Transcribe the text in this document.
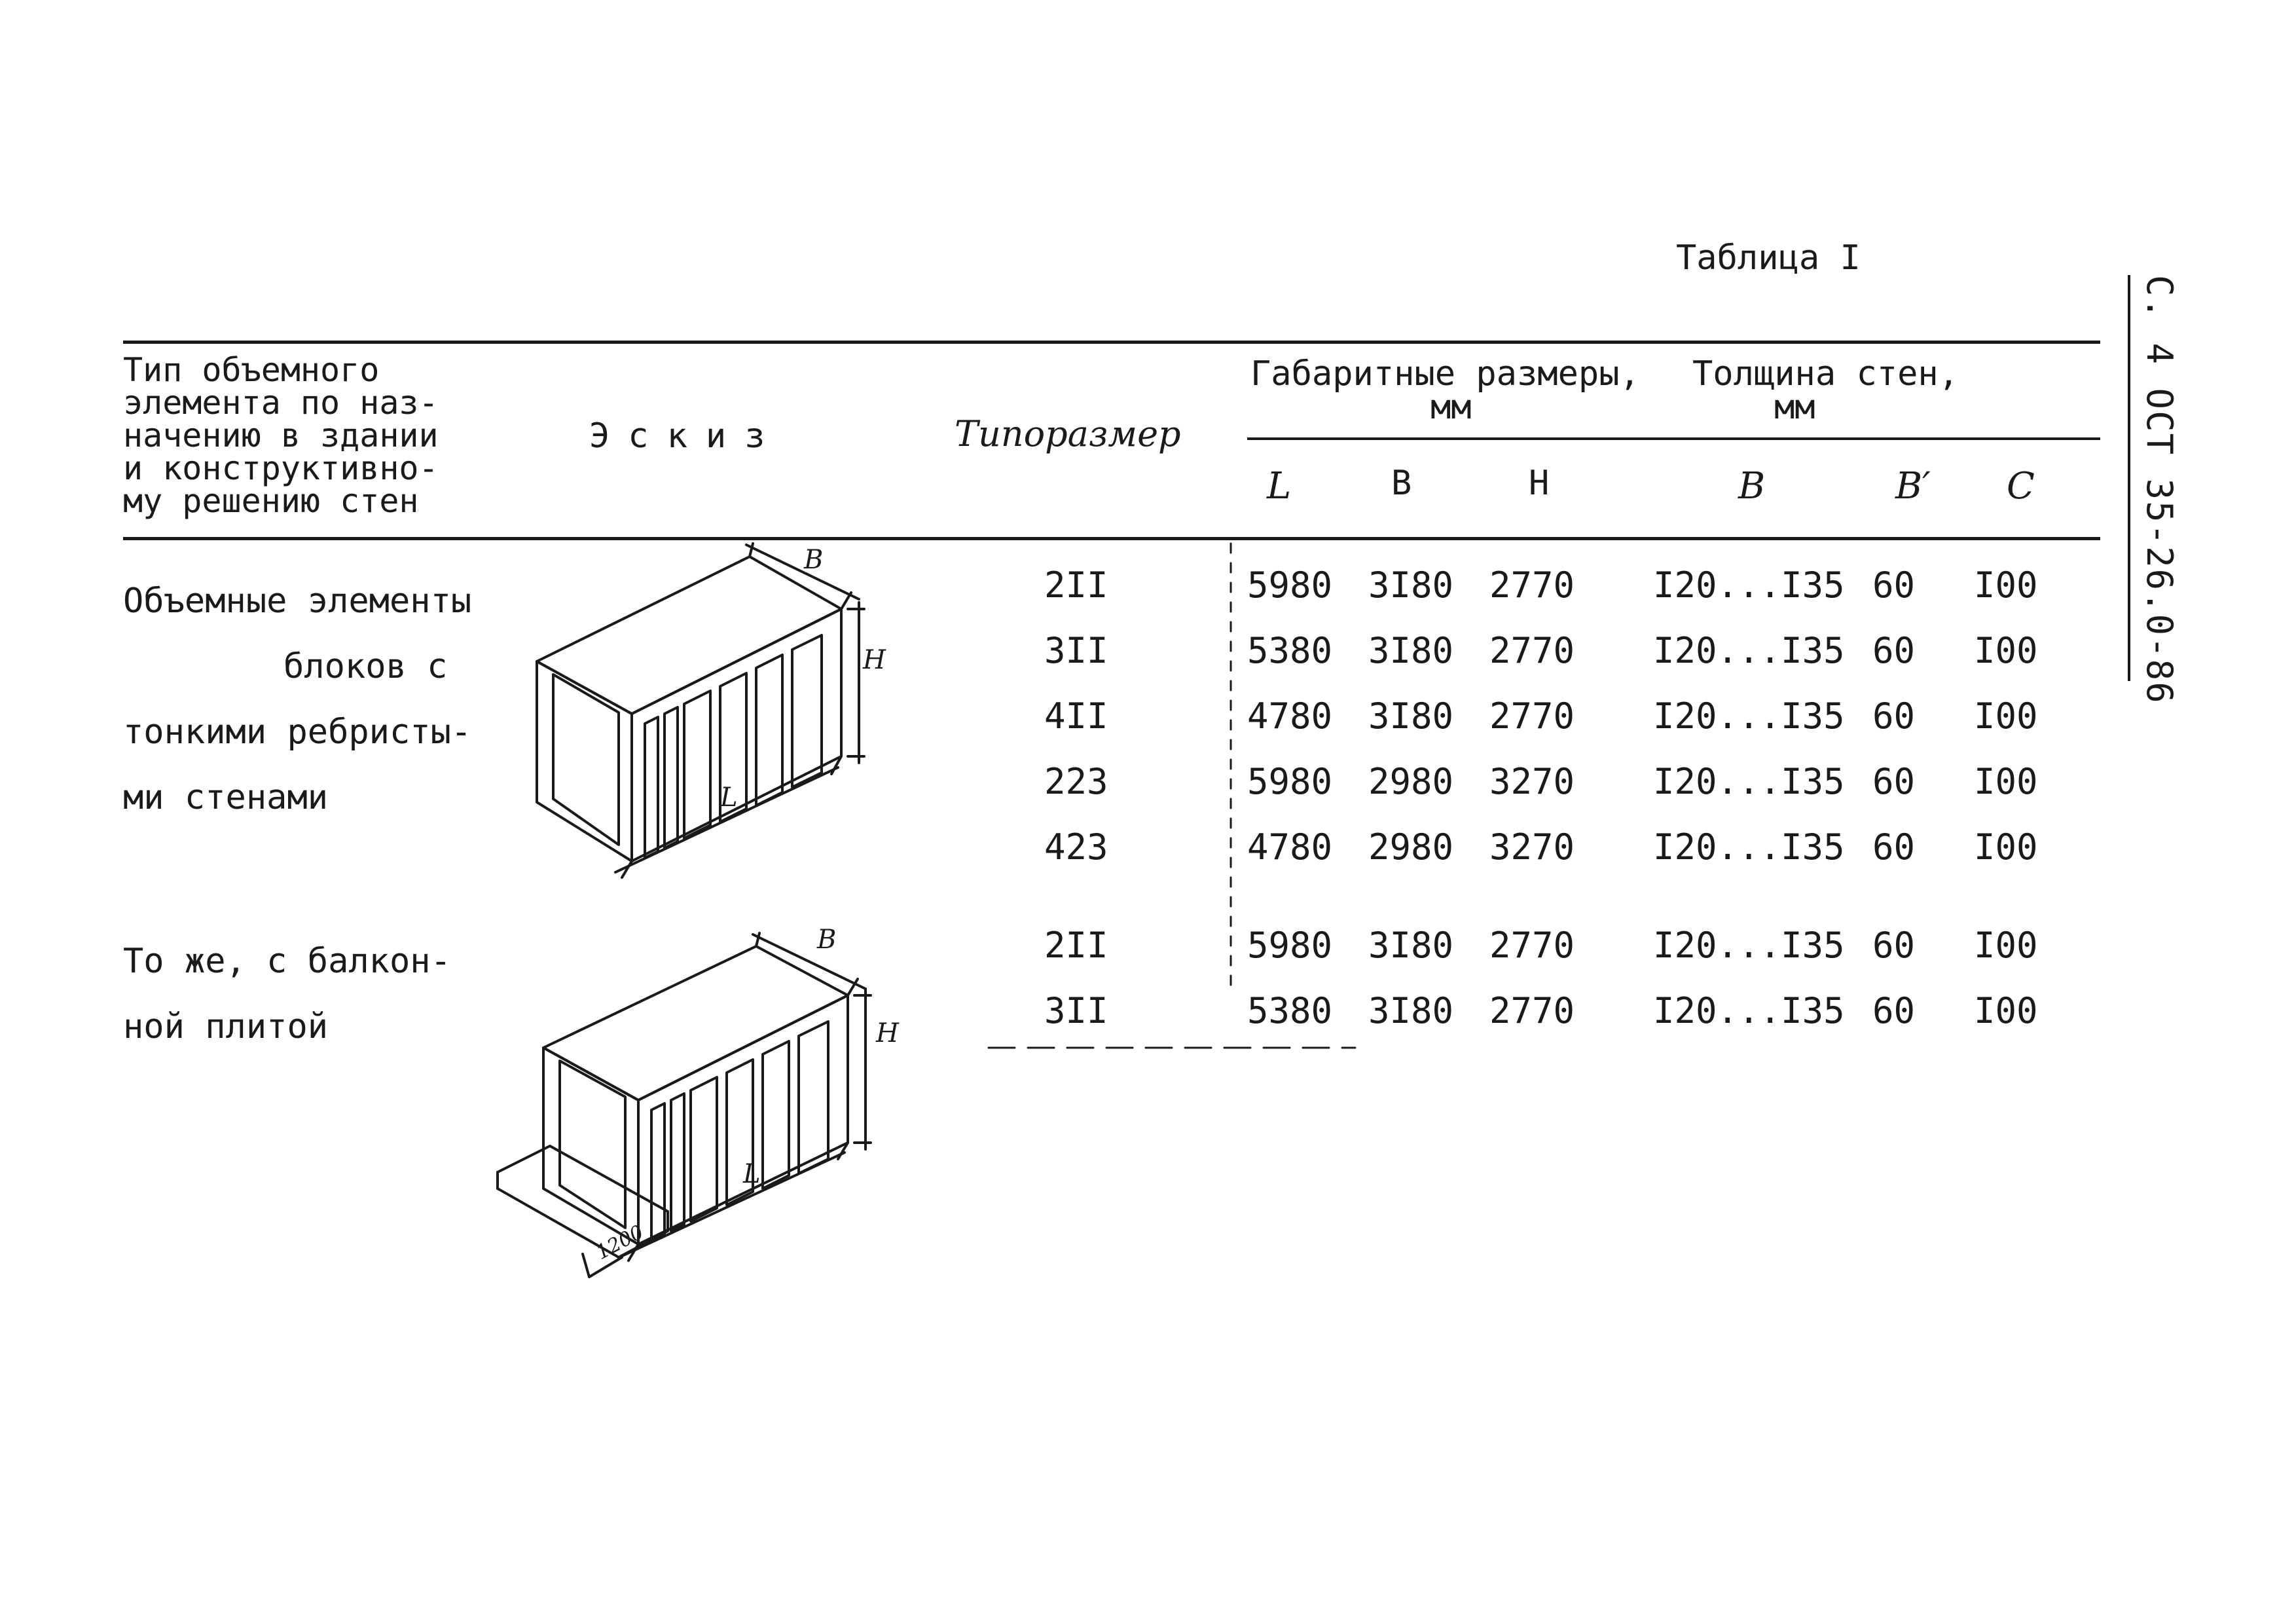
Таблица I
С. 4 ОСТ 35-26.0-86
Тип объемного
элемента по наз-
начению в здании
и конструктивно-
му решению стен
Эскиз	Типоразмер
Габаритные размеры,
мм
Толщина стен,
мм
L	В	Н	В	В′ С
Объемные элементы
блоков с
тонкими ребристы-
ми стенами
2II	5980 3I80 2770 I20...I35 60 I00
3II	5380 3I80 2770 I20...I35 60 I00
4II	4780 3I80 2770 I20...I35 60 I00
223	5980 2980 3270 I20...I35 60 I00
423	4780 2980 3270 I20...I35 60 I00
В
Н
L
То же, с балкон-
ной плитой
2II	5980 3I80 2770 I20...I35 60 I00
3II	5380 3I80 2770 I20...I35 60 I00
В
Н
L
1200
